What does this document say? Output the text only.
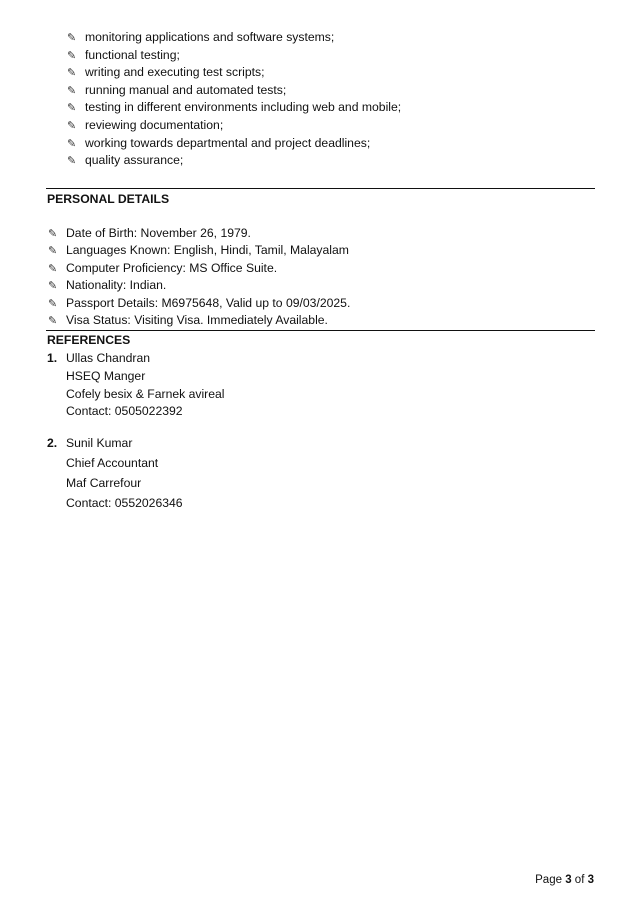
✎ monitoring applications and software systems;
✎ functional testing;
✎ writing and executing test scripts;
✎ running manual and automated tests;
✎ testing in different environments including web and mobile;
✎ reviewing documentation;
✎ working towards departmental and project deadlines;
✎ quality assurance;
PERSONAL DETAILS
✎ Date of Birth: November 26, 1979.
✎ Languages Known: English, Hindi, Tamil, Malayalam
✎ Computer Proficiency: MS Office Suite.
✎ Nationality: Indian.
✎ Passport Details: M6975648, Valid up to 09/03/2025.
✎ Visa Status: Visiting Visa. Immediately Available.
REFERENCES
1. Ullas Chandran
HSEQ Manger
Cofely besix & Farnek avireal
Contact: 0505022392
2. Sunil Kumar
Chief Accountant
Maf Carrefour
Contact: 0552026346
Page 3 of 3
